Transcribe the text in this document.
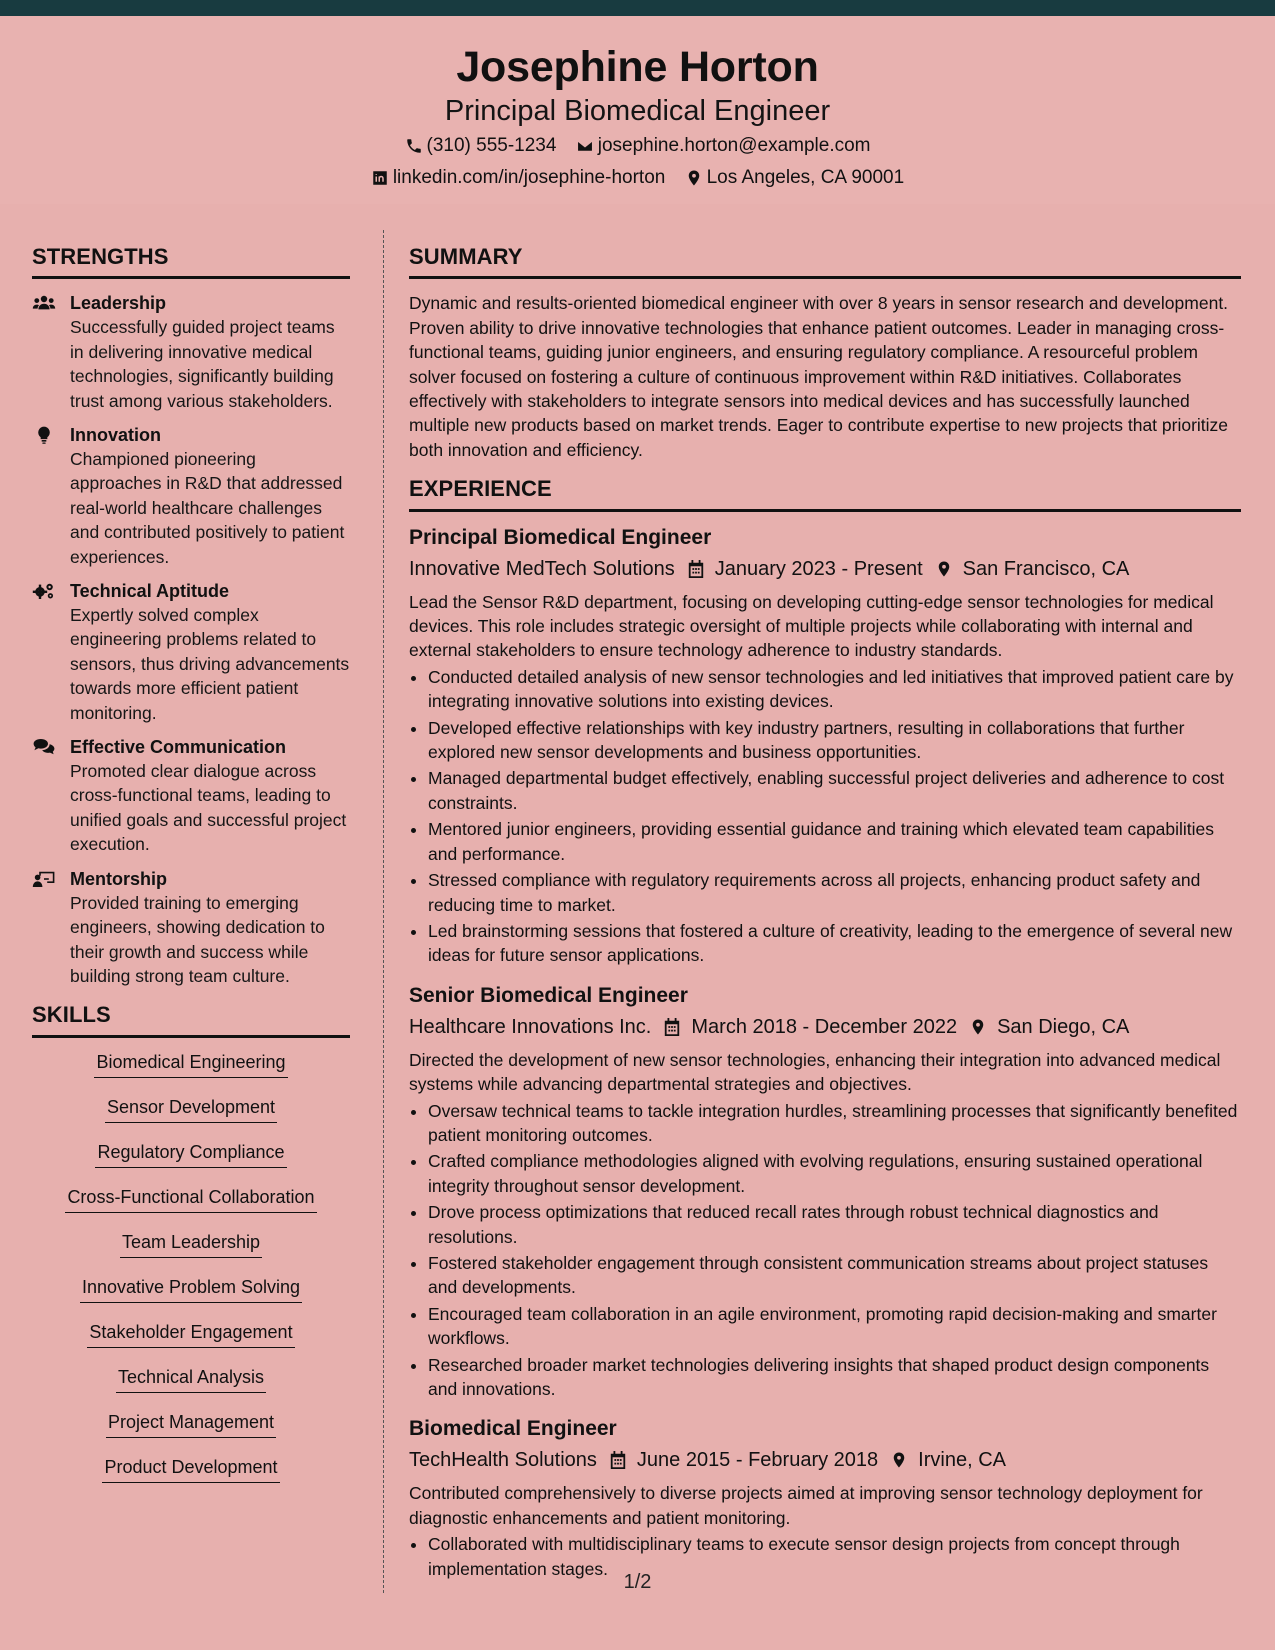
Josephine Horton
Principal Biomedical Engineer
(310) 555-1234
josephine.horton@example.com
linkedin.com/in/josephine-horton
Los Angeles, CA 90001
STRENGTHS
Leadership
Successfully guided project teams in delivering innovative medical technologies, significantly building trust among various stakeholders.
Innovation
Championed pioneering approaches in R&D that addressed real-world healthcare challenges and contributed positively to patient experiences.
Technical Aptitude
Expertly solved complex engineering problems related to sensors, thus driving advancements towards more efficient patient monitoring.
Effective Communication
Promoted clear dialogue across cross-functional teams, leading to unified goals and successful project execution.
Mentorship
Provided training to emerging engineers, showing dedication to their growth and success while building strong team culture.
SKILLS
Biomedical Engineering
Sensor Development
Regulatory Compliance
Cross-Functional Collaboration
Team Leadership
Innovative Problem Solving
Stakeholder Engagement
Technical Analysis
Project Management
Product Development
SUMMARY
Dynamic and results-oriented biomedical engineer with over 8 years in sensor research and development. Proven ability to drive innovative technologies that enhance patient outcomes. Leader in managing cross-functional teams, guiding junior engineers, and ensuring regulatory compliance. A resourceful problem solver focused on fostering a culture of continuous improvement within R&D initiatives. Collaborates effectively with stakeholders to integrate sensors into medical devices and has successfully launched multiple new products based on market trends. Eager to contribute expertise to new projects that prioritize both innovation and efficiency.
EXPERIENCE
Principal Biomedical Engineer
Innovative MedTech Solutions January 2023 - Present San Francisco, CA
Lead the Sensor R&D department, focusing on developing cutting-edge sensor technologies for medical devices. This role includes strategic oversight of multiple projects while collaborating with internal and external stakeholders to ensure technology adherence to industry standards.
• Conducted detailed analysis of new sensor technologies and led initiatives that improved patient care by integrating innovative solutions into existing devices.
• Developed effective relationships with key industry partners, resulting in collaborations that further explored new sensor developments and business opportunities.
• Managed departmental budget effectively, enabling successful project deliveries and adherence to cost constraints.
• Mentored junior engineers, providing essential guidance and training which elevated team capabilities and performance.
• Stressed compliance with regulatory requirements across all projects, enhancing product safety and reducing time to market.
• Led brainstorming sessions that fostered a culture of creativity, leading to the emergence of several new ideas for future sensor applications.
Senior Biomedical Engineer
Healthcare Innovations Inc. March 2018 - December 2022 San Diego, CA
Directed the development of new sensor technologies, enhancing their integration into advanced medical systems while advancing departmental strategies and objectives.
• Oversaw technical teams to tackle integration hurdles, streamlining processes that significantly benefited patient monitoring outcomes.
• Crafted compliance methodologies aligned with evolving regulations, ensuring sustained operational integrity throughout sensor development.
• Drove process optimizations that reduced recall rates through robust technical diagnostics and resolutions.
• Fostered stakeholder engagement through consistent communication streams about project statuses and developments.
• Encouraged team collaboration in an agile environment, promoting rapid decision-making and smarter workflows.
• Researched broader market technologies delivering insights that shaped product design components and innovations.
Biomedical Engineer
TechHealth Solutions June 2015 - February 2018 Irvine, CA
Contributed comprehensively to diverse projects aimed at improving sensor technology deployment for diagnostic enhancements and patient monitoring.
• Collaborated with multidisciplinary teams to execute sensor design projects from concept through implementation stages.
1/2
